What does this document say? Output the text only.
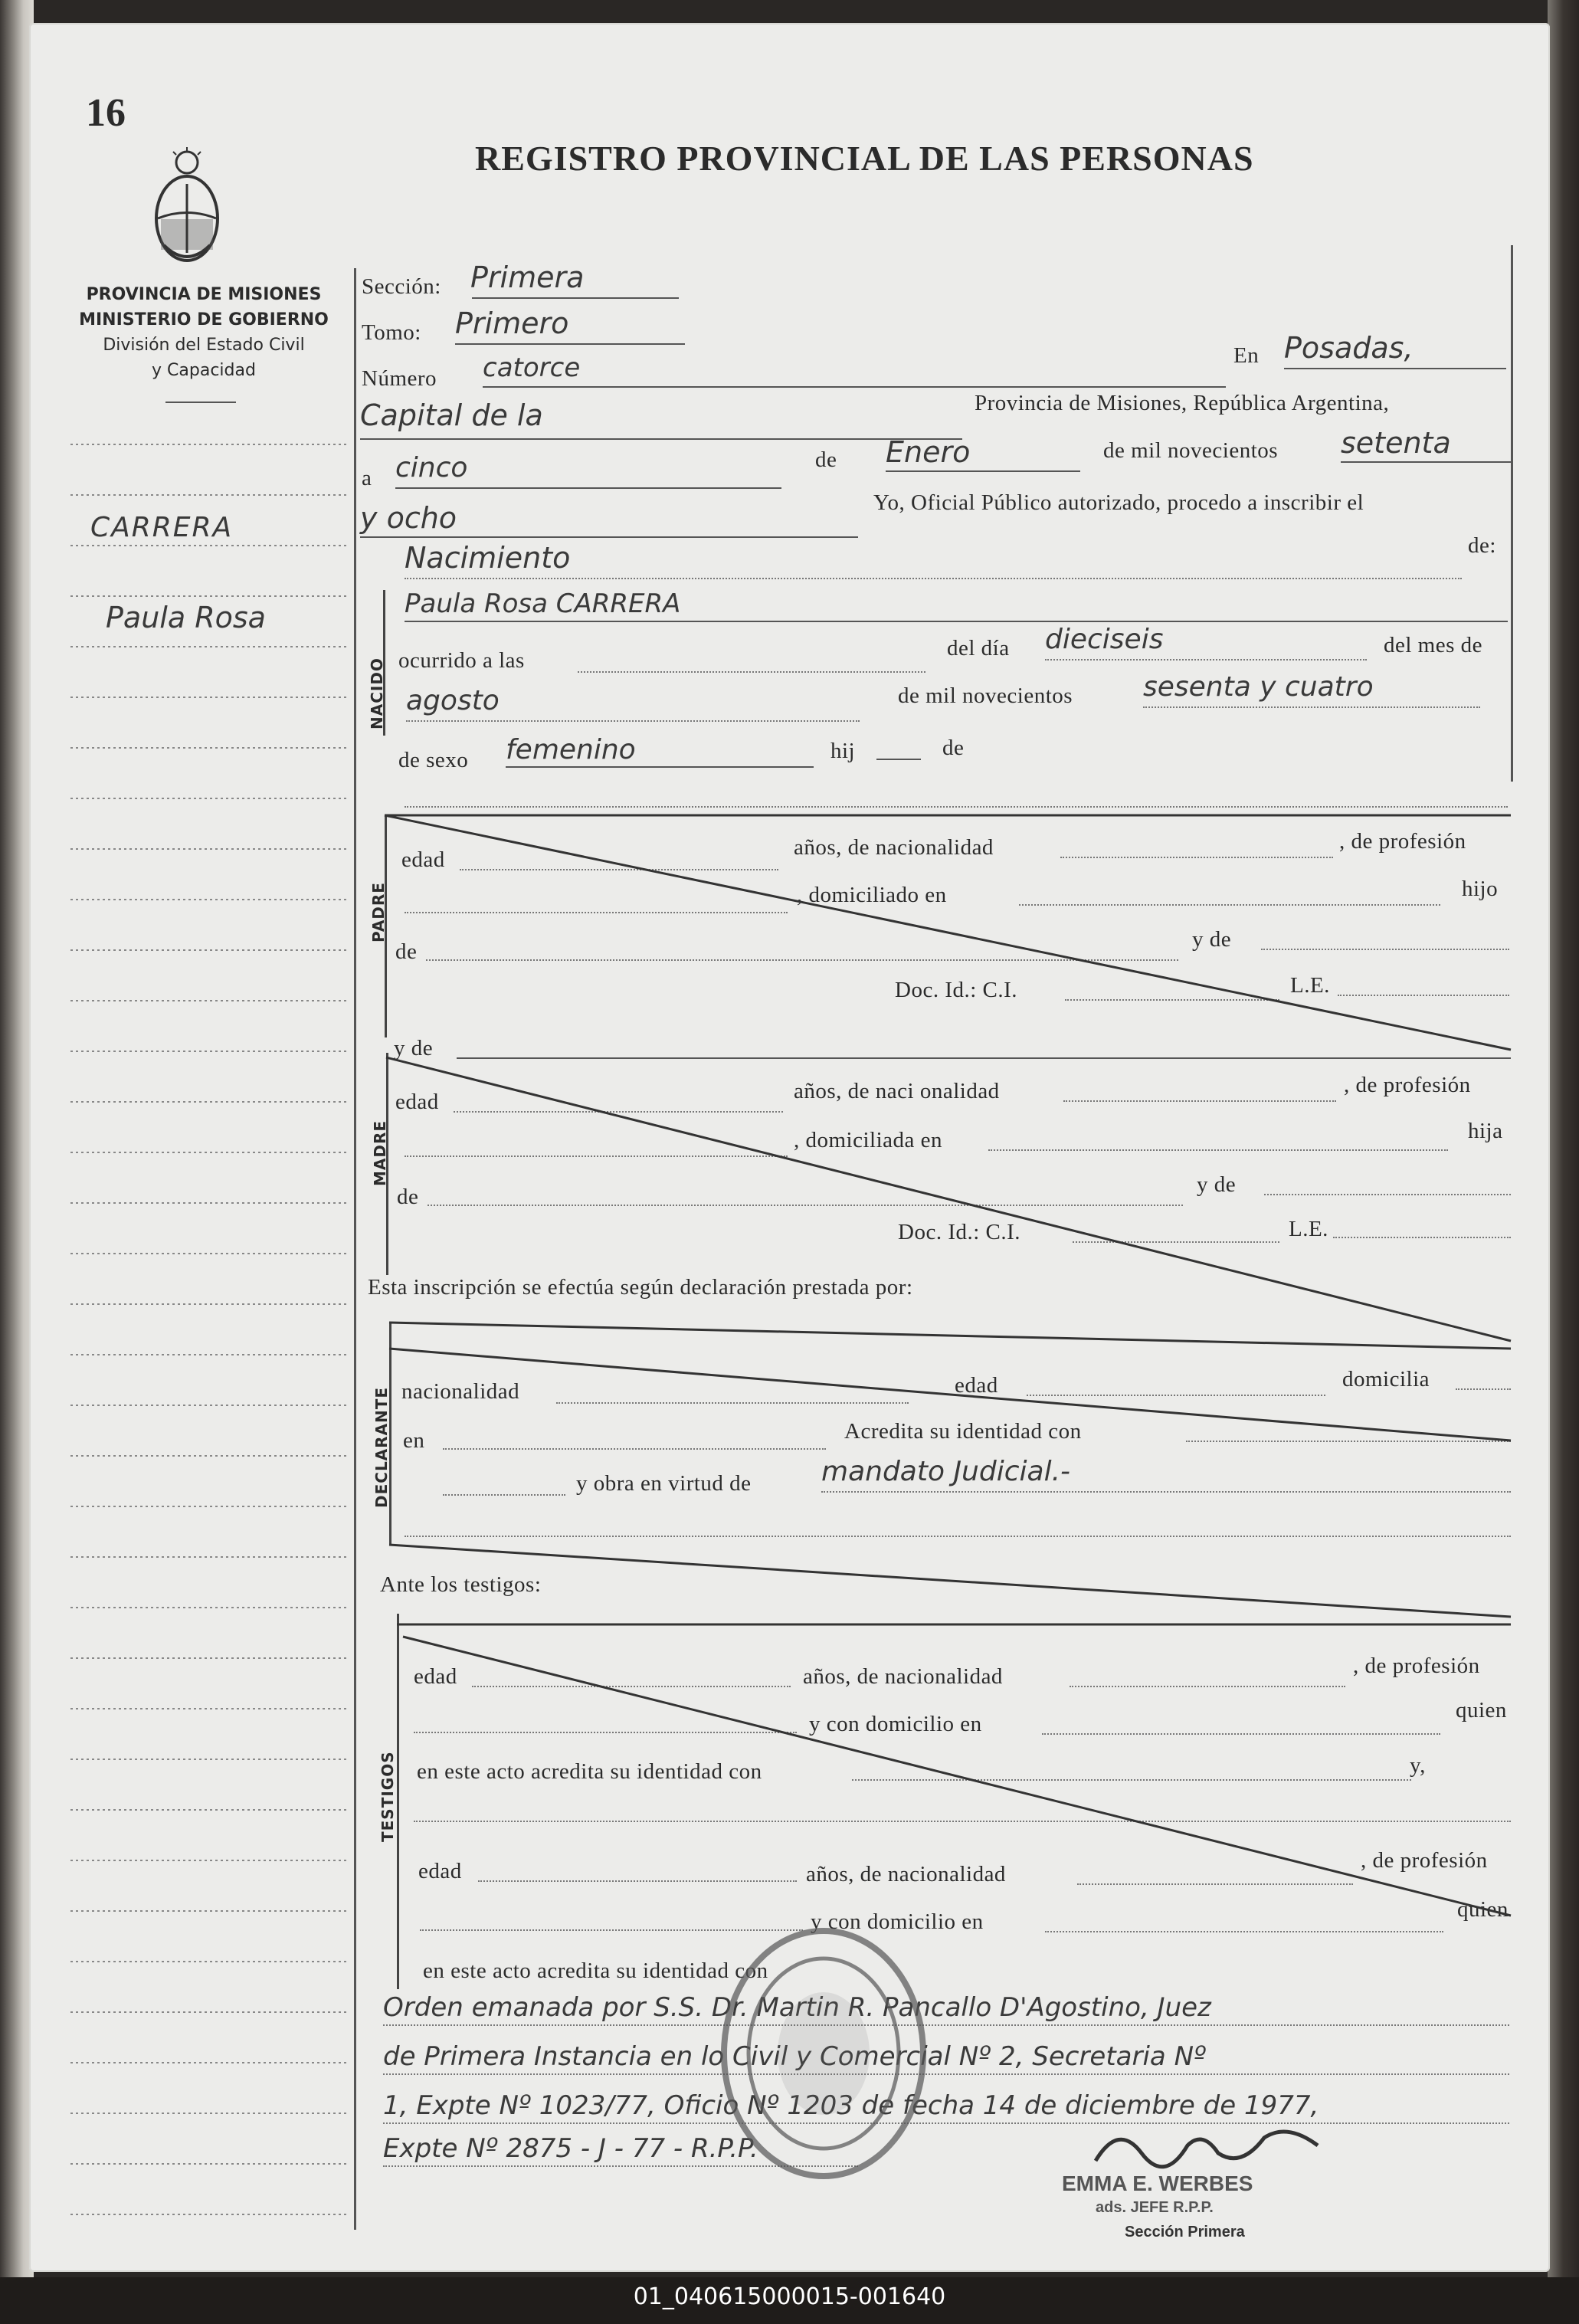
16
REGISTRO PROVINCIAL DE LAS PERSONAS
PROVINCIA DE MISIONES
MINISTERIO DE GOBIERNO
División del Estado Civil
y Capacidad
CARRERA
Paula Rosa
Sección: Primera
Tomo: Primero
Número catorce	En Posadas,
Capital de la	Provincia de Misiones, República Argentina,
a cinco	de Enero	de mil novecientos setenta
y ocho	Yo, Oficial Público autorizado, procedo a inscribir el
Nacimiento	de:
NACIDO
Paula Rosa CARRERA
ocurrido a las	del día dieciseis	del mes de
agosto	de mil novecientos	sesenta y cuatro
de sexo femenino	hij	de
PADRE
edad	años, de nacionalidad	, de profesión
, domiciliado en	hijo
de	y de
Doc. Id.: C.I.	L.E.
y de
MADRE
edad	años, de naci onalidad	, de profesión
, domiciliada en	hija
de	y de
Doc. Id.: C.I.	L.E.
Esta inscripción se efectúa según declaración prestada por:
DECLARANTE nacionalidad	edad	domicilia
en	Acredita su identidad con
y obra en virtud de	mandato Judicial.-
Ante los testigos:
TESTIGOS
edad	años, de nacionalidad	, de profesión
y con domicilio en
quien
en este acto acredita su identidad con	y,
edad	años, de nacionalidad
, de profesión
y con domicilio en	quien
en este acto acredita su identidad con
Orden emanada por S.S. Dr. Martin R. Pancallo D'Agostino, Juez
de Primera Instancia en lo Civil y Comercial Nº 2, Secretaria Nº
1, Expte Nº 1023/77, Oficio Nº 1203 de fecha 14 de diciembre de 1977,
Expte Nº 2875 - J - 77 - R.P.P.
EMMA E. WERBES
ads. JEFE R.P.P.
Sección Primera
01_040615000015-001640
